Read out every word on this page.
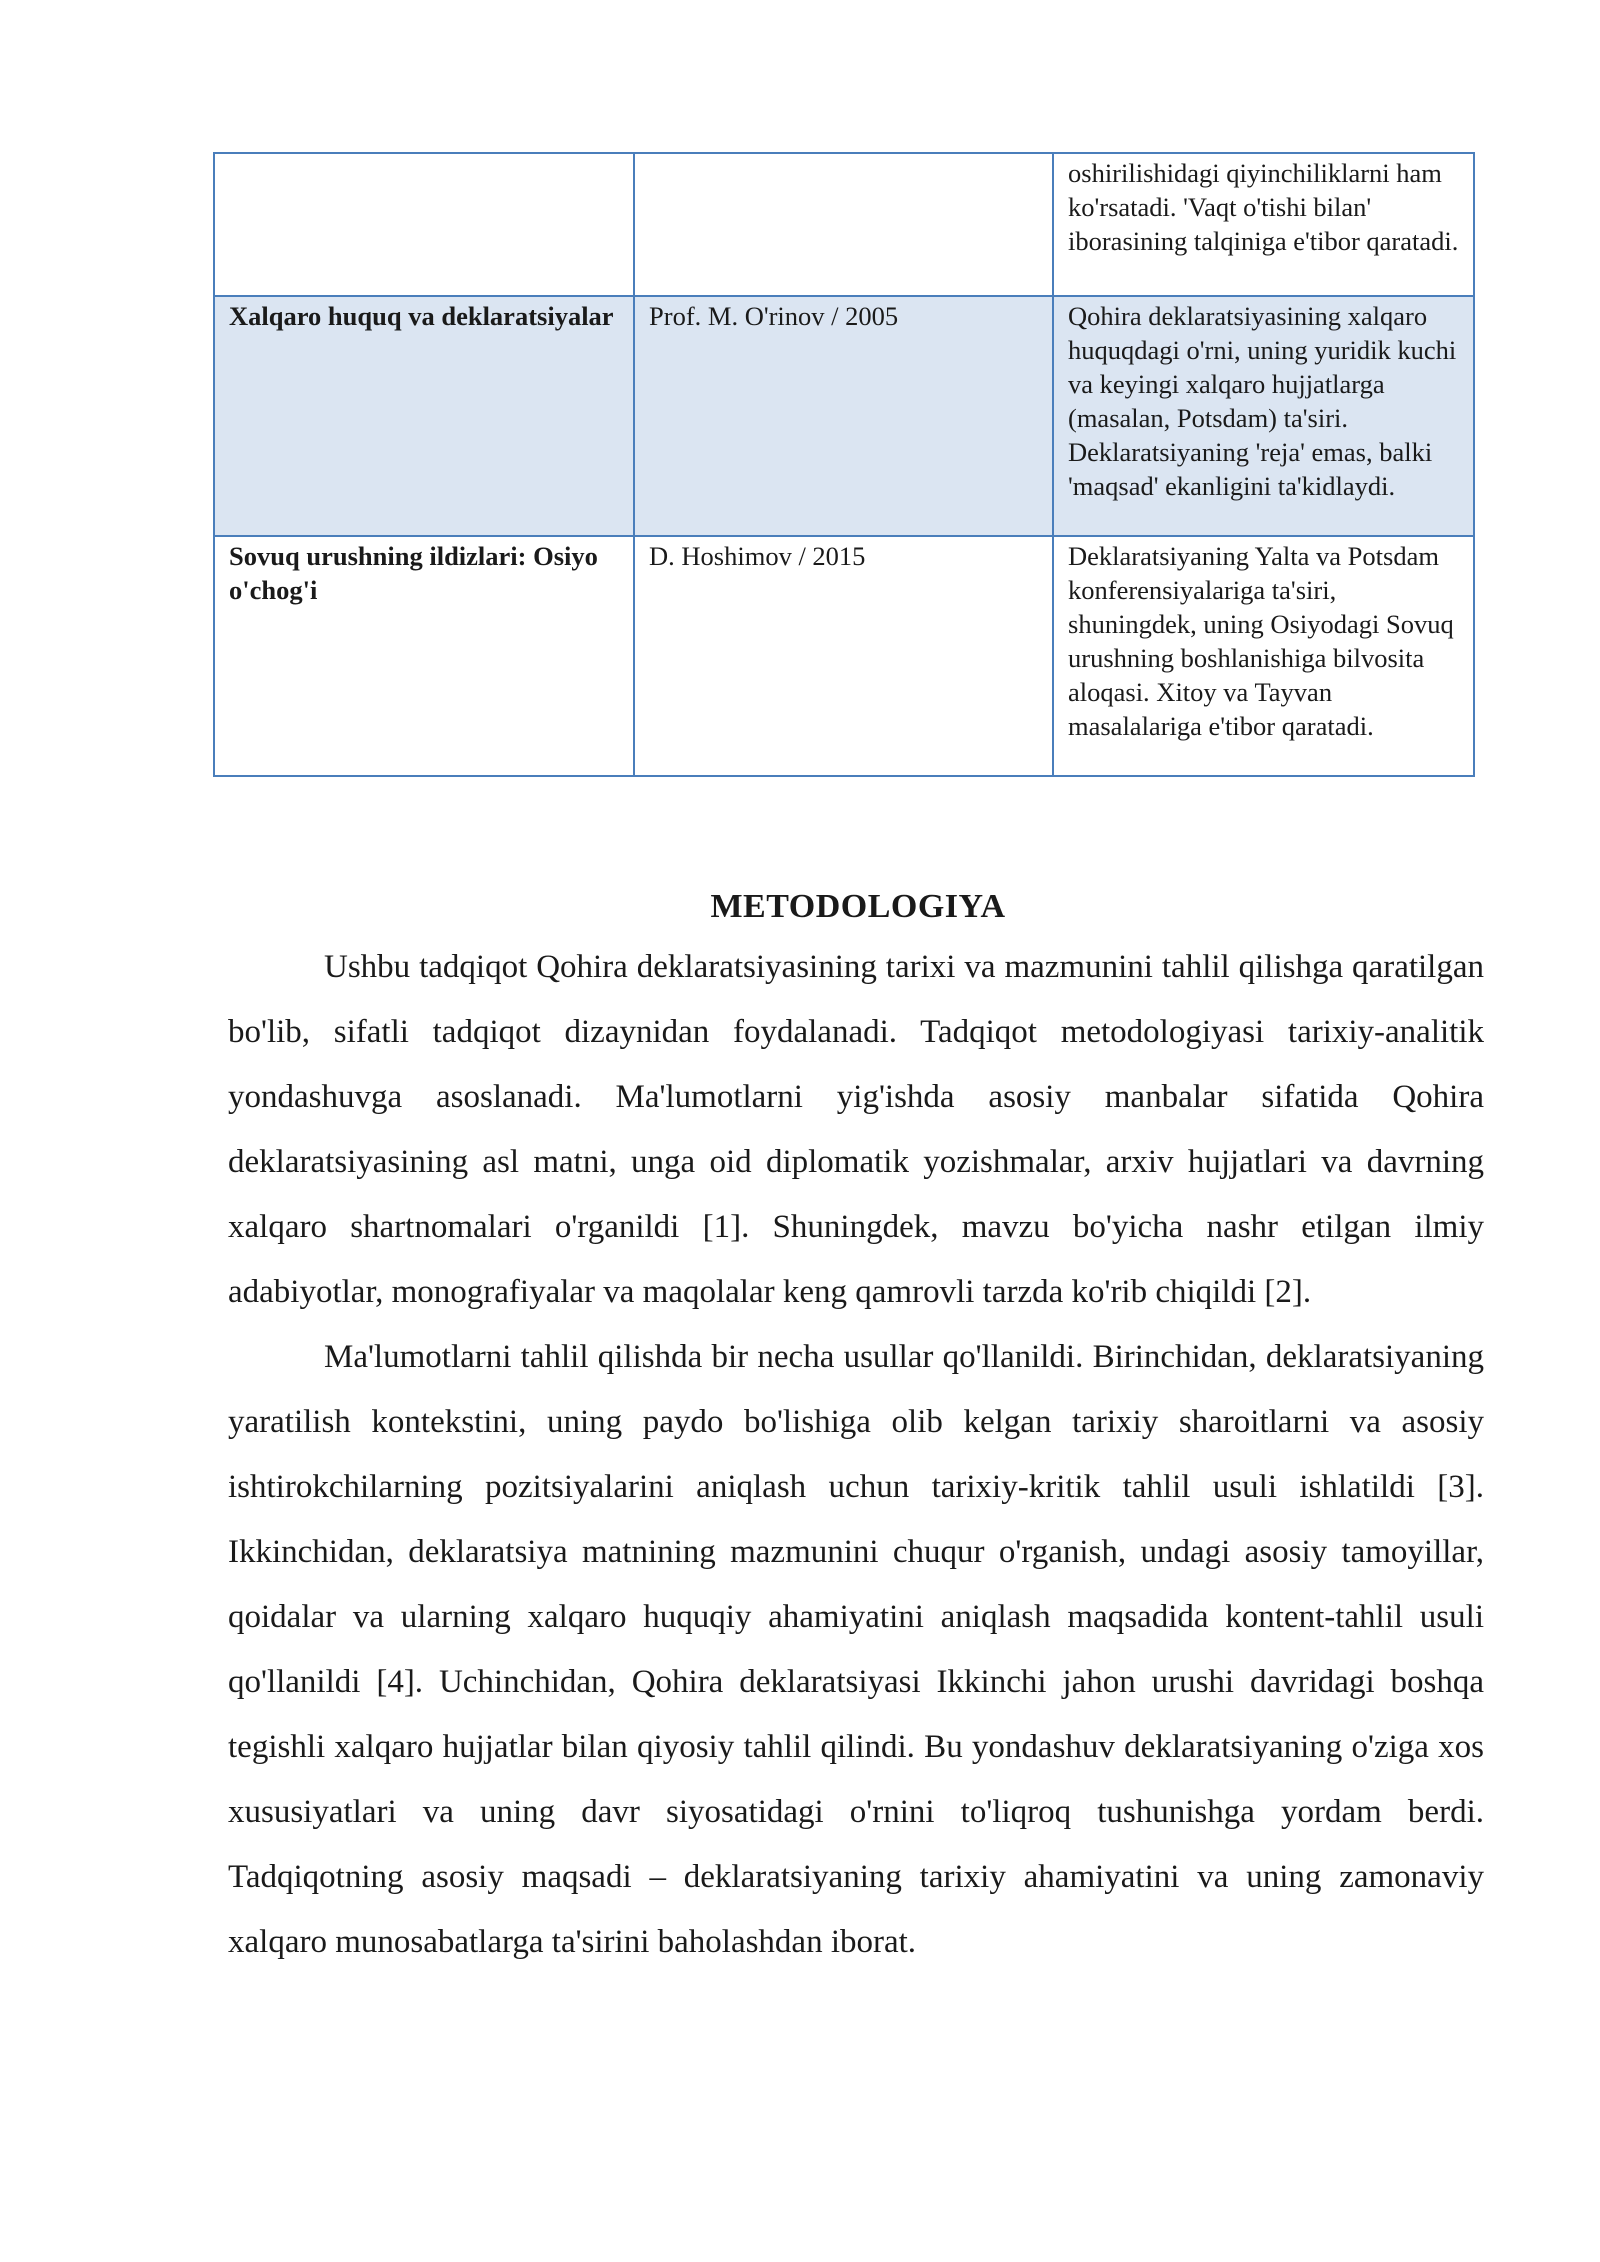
		oshirilishidagi qiyinchiliklarni ham ko'rsatadi. 'Vaqt o'tishi bilan' iborasining talqiniga e'tibor qaratadi.
Xalqaro huquq va deklaratsiyalar	Prof. M. O'rinov / 2005	Qohira deklaratsiyasining xalqaro huquqdagi o'rni, uning yuridik kuchi va keyingi xalqaro hujjatlarga (masalan, Potsdam) ta'siri. Deklaratsiyaning 'reja' emas, balki 'maqsad' ekanligini ta'kidlaydi.
Sovuq urushning ildizlari: Osiyo o'chog'i	D. Hoshimov / 2015	Deklaratsiyaning Yalta va Potsdam konferensiyalariga ta'siri, shuningdek, uning Osiyodagi Sovuq urushning boshlanishiga bilvosita aloqasi. Xitoy va Tayvan masalalariga e'tibor qaratadi.
METODOLOGIYA

Ushbu tadqiqot Qohira deklaratsiyasining tarixi va mazmunini tahlil qilishga qaratilgan bo'lib, sifatli tadqiqot dizaynidan foydalanadi. Tadqiqot metodologiyasi tarixiy-analitik yondashuvga asoslanadi. Ma'lumotlarni yig'ishda asosiy manbalar sifatida Qohira deklaratsiyasining asl matni, unga oid diplomatik yozishmalar, arxiv hujjatlari va davrning xalqaro shartnomalari o'rganildi [1]. Shuningdek, mavzu bo'yicha nashr etilgan ilmiy adabiyotlar, monografiyalar va maqolalar keng qamrovli tarzda ko'rib chiqildi [2].

Ma'lumotlarni tahlil qilishda bir necha usullar qo'llanildi. Birinchidan, deklaratsiyaning yaratilish kontekstini, uning paydo bo'lishiga olib kelgan tarixiy sharoitlarni va asosiy ishtirokchilarning pozitsiyalarini aniqlash uchun tarixiy-kritik tahlil usuli ishlatildi [3]. Ikkinchidan, deklaratsiya matnining mazmunini chuqur o'rganish, undagi asosiy tamoyillar, qoidalar va ularning xalqaro huquqiy ahamiyatini aniqlash maqsadida kontent-tahlil usuli qo'llanildi [4]. Uchinchidan, Qohira deklaratsiyasi Ikkinchi jahon urushi davridagi boshqa tegishli xalqaro hujjatlar bilan qiyosiy tahlil qilindi. Bu yondashuv deklaratsiyaning o'ziga xos xususiyatlari va uning davr siyosatidagi o'rnini to'liqroq tushunishga yordam berdi. Tadqiqotning asosiy maqsadi – deklaratsiyaning tarixiy ahamiyatini va uning zamonaviy xalqaro munosabatlarga ta'sirini baholashdan iborat.
